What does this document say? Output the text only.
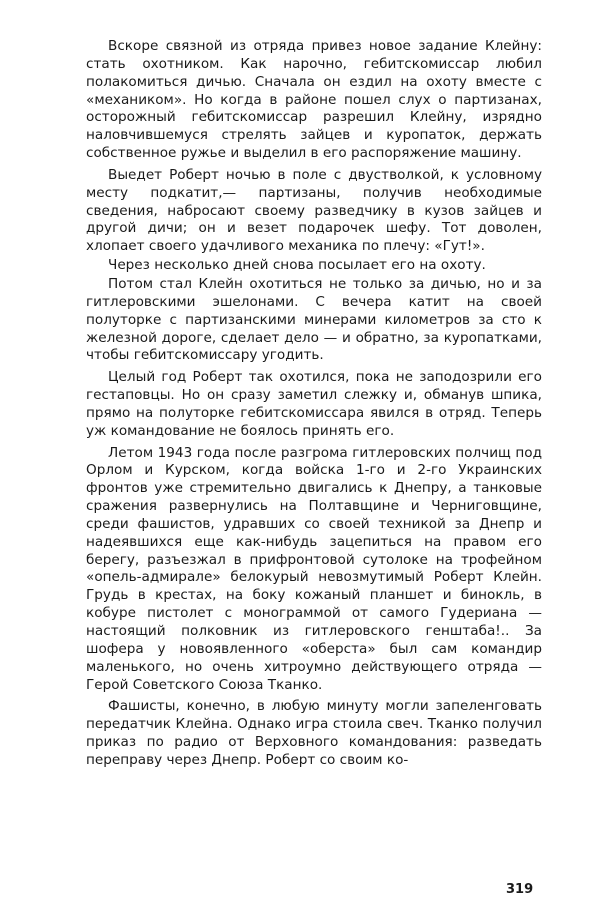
Вскоре связной из отряда привез новое задание Клейну: стать охотником. Как нарочно, гебитскомиссар любил полакомиться дичью. Сначала он ездил на охоту вместе с «механиком». Но когда в районе пошел слух о партизанах, осторожный гебитскомиссар разрешил Клейну, изрядно наловчившемуся стрелять зайцев и куропаток, держать собственное ружье и выделил в его распоряжение машину.

Выедет Роберт ночью в поле с двустволкой, к условному месту подкатит,— партизаны, получив необходимые сведения, набросают своему разведчику в кузов зайцев и другой дичи; он и везет подарочек шефу. Тот доволен, хлопает своего удачливого механика по плечу: «Гут!».

Через несколько дней снова посылает его на охоту.

Потом стал Клейн охотиться не только за дичью, но и за гитлеровскими эшелонами. С вечера катит на своей полуторке с партизанскими минерами километров за сто к железной дороге, сделает дело — и обратно, за куропатками, чтобы гебитскомиссару угодить.

Целый год Роберт так охотился, пока не заподозрили его гестаповцы. Но он сразу заметил слежку и, обманув шпика, прямо на полуторке гебитскомиссара явился в отряд. Теперь уж командование не боялось принять его.

Летом 1943 года после разгрома гитлеровских полчищ под Орлом и Курском, когда войска 1-го и 2-го Украинских фронтов уже стремительно двигались к Днепру, а танковые сражения развернулись на Полтавщине и Черниговщине, среди фашистов, удравших со своей техникой за Днепр и надеявшихся еще как-нибудь зацепиться на правом его берегу, разъезжал в прифронтовой сутолоке на трофейном «опель-адмирале» белокурый невозмутимый Роберт Клейн. Грудь в крестах, на боку кожаный планшет и бинокль, в кобуре пистолет с монограммой от самого Гудериана — настоящий полковник из гитлеровского генштаба!.. За шофера у новоявленного «оберста» был сам командир маленького, но очень хитроумно действующего отряда — Герой Советского Союза Тканко.

Фашисты, конечно, в любую минуту могли запеленговать передатчик Клейна. Однако игра стоила свеч. Тканко получил приказ по радио от Верховного командования: разведать переправу через Днепр. Роберт со своим ко-

319
